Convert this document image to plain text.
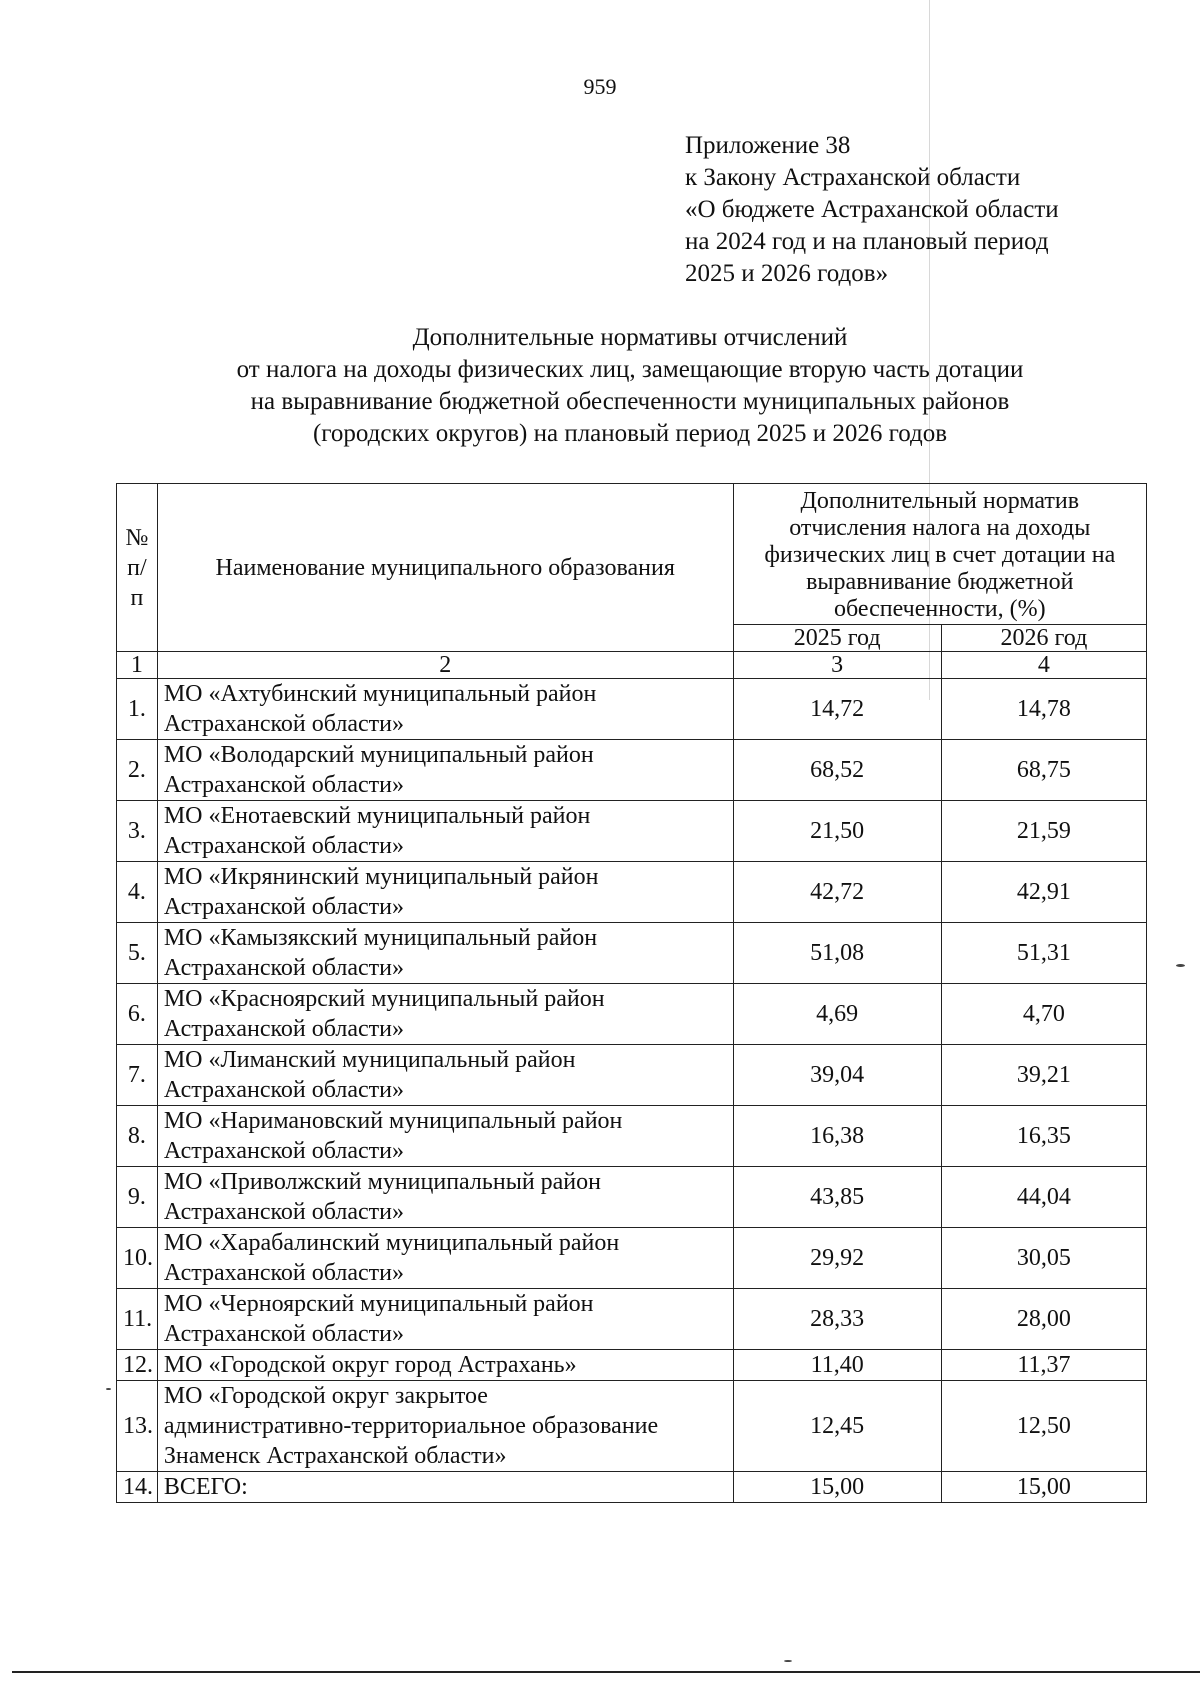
959
Приложение 38
к Закону Астраханской области
«О бюджете Астраханской области
на 2024 год и на плановый период
2025 и 2026 годов»
Дополнительные нормативы отчислений
от налога на доходы физических лиц, замещающие вторую часть дотации
на выравнивание бюджетной обеспеченности муниципальных районов
(городских округов) на плановый период 2025 и 2026 годов
№ п/п	Наименование муниципального образования	Дополнительный норматив отчисления налога на доходы физических лиц в счет дотации на выравнивание бюджетной обеспеченности, (%)	
		2025 год	2026 год
1	2	3	4
1.	МО «Ахтубинский муниципальный район
Астраханской области»	14,72	14,78
2.	МО «Володарский муниципальный район
Астраханской области»	68,52	68,75
3.	МО «Енотаевский муниципальный район
Астраханской области»	21,50	21,59
4.	МО «Икрянинский муниципальный район
Астраханской области»	42,72	42,91
5.	МО «Камызякский муниципальный район
Астраханской области»	51,08	51,31
6.	МО «Красноярский муниципальный район
Астраханской области»	4,69	4,70
7.	МО «Лиманский муниципальный район
Астраханской области»	39,04	39,21
8.	МО «Наримановский муниципальный район
Астраханской области»	16,38	16,35
9.	МО «Приволжский муниципальный район
Астраханской области»	43,85	44,04
10.	МО «Харабалинский муниципальный район
Астраханской области»	29,92	30,05
11.	МО «Черноярский муниципальный район
Астраханской области»	28,33	28,00
12.	МО «Городской округ город Астрахань»	11,40	11,37
13.	МО «Городской округ закрытое
административно-территориальное образование
Знаменск Астраханской области»	12,45	12,50
14.	ВСЕГО:	15,00	15,00
